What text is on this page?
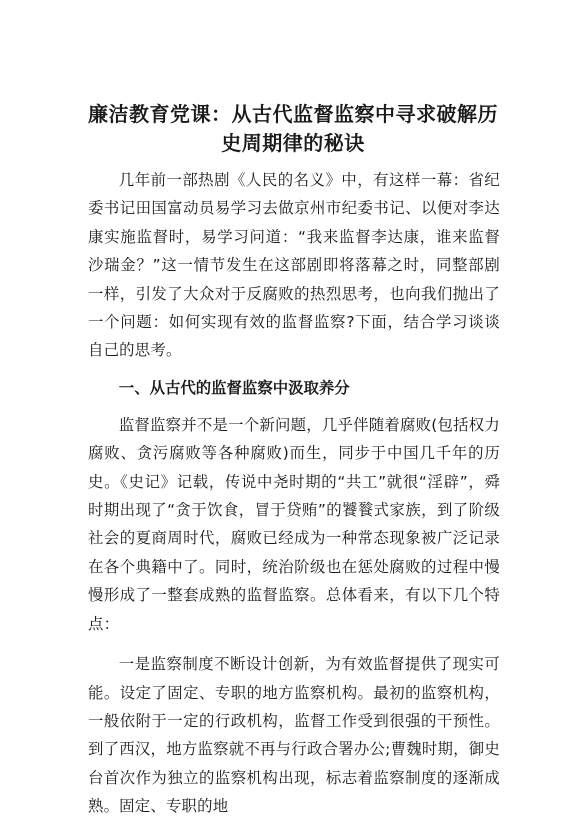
廉洁教育党课：从古代监督监察中寻求破解历史周期律的秘诀

几年前一部热剧《人民的名义》中，有这样一幕：省纪委书记田国富动员易学习去做京州市纪委书记、以便对李达康实施监督时，易学习问道：“我来监督李达康，谁来监督沙瑞金？”这一情节发生在这部剧即将落幕之时，同整部剧一样，引发了大众对于反腐败的热烈思考，也向我们抛出了一个问题：如何实现有效的监督监察?下面，结合学习谈谈自己的思考。

一、从古代的监督监察中汲取养分

监督监察并不是一个新问题，几乎伴随着腐败(包括权力腐败、贪污腐败等各种腐败)而生，同步于中国几千年的历史。《史记》记载，传说中尧时期的“共工”就很“淫辟”，舜时期出现了“贪于饮食，冒于贷贿”的饕餮式家族，到了阶级社会的夏商周时代，腐败已经成为一种常态现象被广泛记录在各个典籍中了。同时，统治阶级也在惩处腐败的过程中慢慢形成了一整套成熟的监督监察。总体看来，有以下几个特点：

一是监察制度不断设计创新，为有效监督提供了现实可能。设定了固定、专职的地方监察机构。最初的监察机构，一般依附于一定的行政机构，监督工作受到很强的干预性。到了西汉，地方监察就不再与行政合署办公;曹魏时期，御史台首次作为独立的监察机构出现，标志着监察制度的逐渐成熟。固定、专职的地
